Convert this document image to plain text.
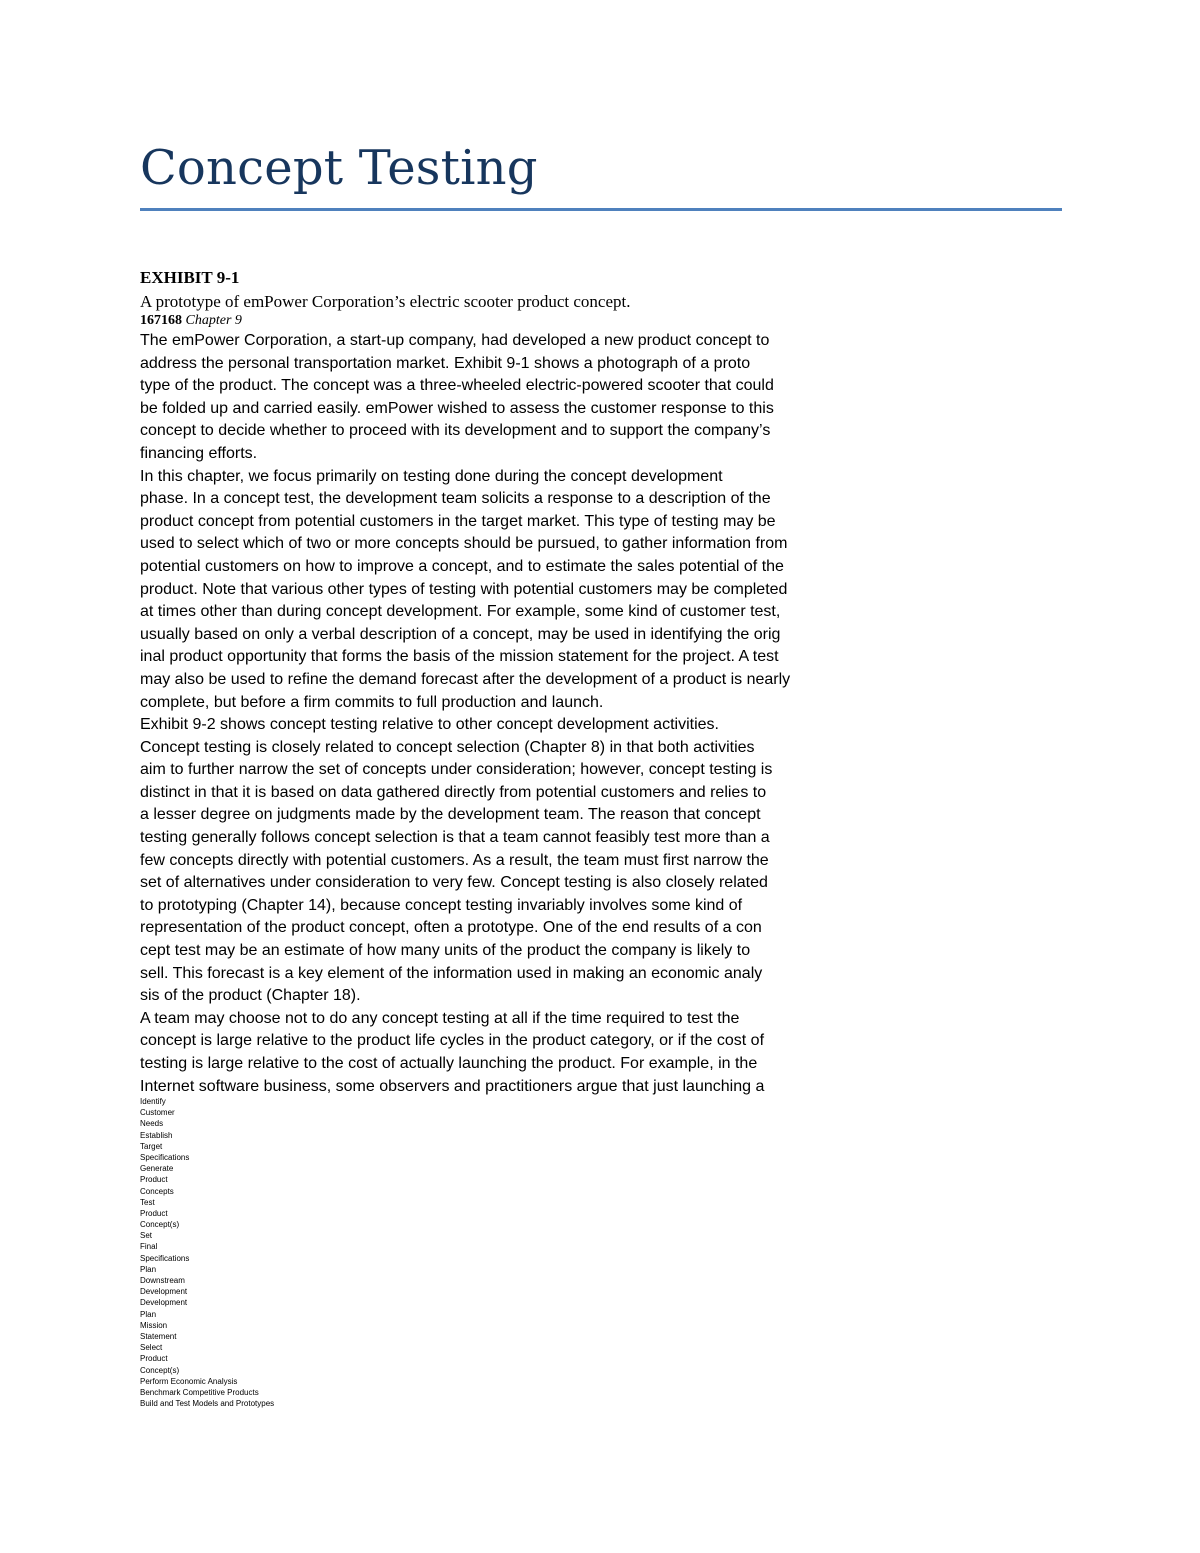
Concept Testing
EXHIBIT 9-1
A prototype of emPower Corporation’s electric scooter product concept.
167168 Chapter 9
The emPower Corporation, a start-up company, had developed a new product concept to
address the personal transportation market. Exhibit 9-1 shows a photograph of a proto
type of the product. The concept was a three-wheeled electric-powered scooter that could
be folded up and carried easily. emPower wished to assess the customer response to this
concept to decide whether to proceed with its development and to support the company’s
financing efforts.
In this chapter, we focus primarily on testing done during the concept development
phase. In a concept test, the development team solicits a response to a description of the
product concept from potential customers in the target market. This type of testing may be
used to select which of two or more concepts should be pursued, to gather information from
potential customers on how to improve a concept, and to estimate the sales potential of the
product. Note that various other types of testing with potential customers may be completed
at times other than during concept development. For example, some kind of customer test,
usually based on only a verbal description of a concept, may be used in identifying the orig
inal product opportunity that forms the basis of the mission statement for the project. A test
may also be used to refine the demand forecast after the development of a product is nearly
complete, but before a firm commits to full production and launch.
Exhibit 9-2 shows concept testing relative to other concept development activities.
Concept testing is closely related to concept selection (Chapter 8) in that both activities
aim to further narrow the set of concepts under consideration; however, concept testing is
distinct in that it is based on data gathered directly from potential customers and relies to
a lesser degree on judgments made by the development team. The reason that concept
testing generally follows concept selection is that a team cannot feasibly test more than a
few concepts directly with potential customers. As a result, the team must first narrow the
set of alternatives under consideration to very few. Concept testing is also closely related
to prototyping (Chapter 14), because concept testing invariably involves some kind of
representation of the product concept, often a prototype. One of the end results of a con
cept test may be an estimate of how many units of the product the company is likely to
sell. This forecast is a key element of the information used in making an economic analy
sis of the product (Chapter 18).
A team may choose not to do any concept testing at all if the time required to test the
concept is large relative to the product life cycles in the product category, or if the cost of
testing is large relative to the cost of actually launching the product. For example, in the
Internet software business, some observers and practitioners argue that just launching a
Identify
Customer
Needs
Establish
Target
Specifications
Generate
Product
Concepts
Test
Product
Concept(s)
Set
Final
Specifications
Plan
Downstream
Development
Development
Plan
Mission
Statement
Select
Product
Concept(s)
Perform Economic Analysis
Benchmark Competitive Products
Build and Test Models and Prototypes
